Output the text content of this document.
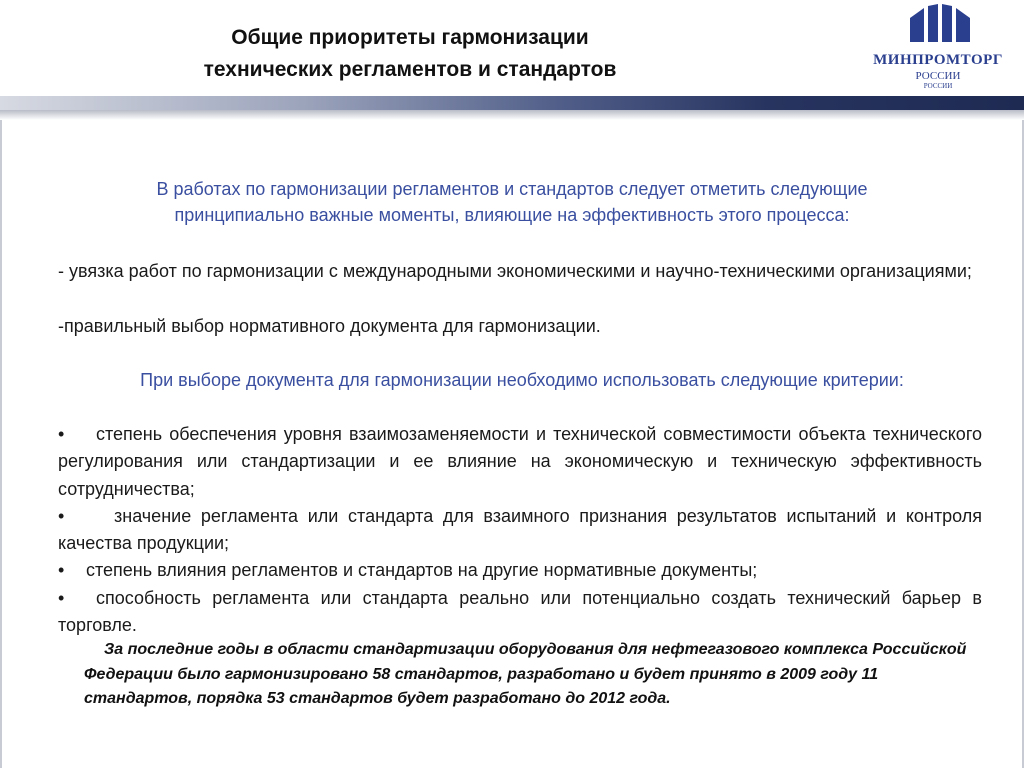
Общие приоритеты гармонизации
технических регламентов и стандартов	МИНПРОМТОРГ
РОССИИ
РОССИИ
В работах по гармонизации регламентов и стандартов следует отметить следующие
принципиально важные моменты, влияющие на эффективность этого процесса:
- увязка работ по гармонизации с международными экономическими и научно-техническими организациями;
-правильный выбор нормативного документа для гармонизации.
При выборе документа для гармонизации необходимо использовать следующие критерии:
• степень обеспечения уровня взаимозаменяемости и технической совместимости объекта технического регулирования или стандартизации и ее влияние на экономическую и техническую эффективность сотрудничества;
•	значение регламента или стандарта для взаимного признания результатов испытаний и контроля качества продукции;
• степень влияния регламентов и стандартов на другие нормативные документы;
• способность регламента или стандарта реально или потенциально создать технический барьер в торговле.
За последние годы в области стандартизации оборудования для нефтегазового комплекса Российской Федерации было гармонизировано 58 стандартов, разработано и будет принято в 2009 году 11 стандартов, порядка 53 стандартов будет разработано до 2012 года.
